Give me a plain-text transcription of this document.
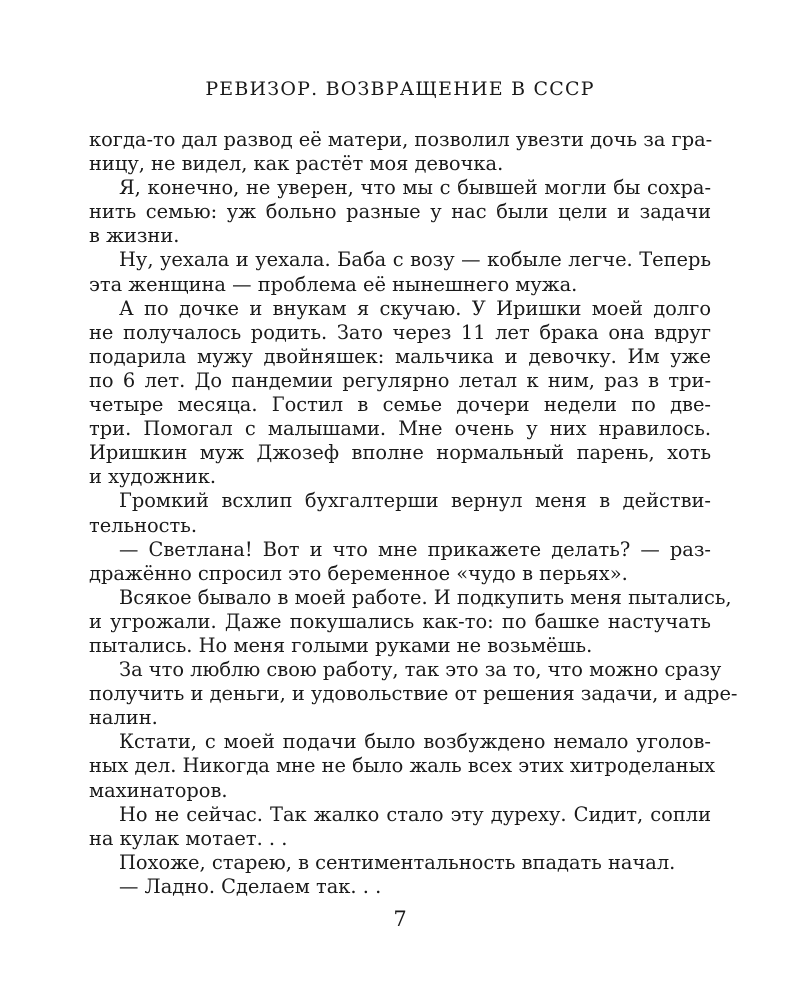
РЕВИЗОР. ВОЗВРАЩЕНИЕ В СССР
когда-то дал развод её матери, позволил увезти дочь за гра-
ницу, не видел, как растёт моя девочка.
Я, конечно, не уверен, что мы с бывшей могли бы сохра-
нить семью: уж больно разные у нас были цели и задачи
в жизни.
Ну, уехала и уехала. Баба с возу — кобыле легче. Теперь
эта женщина — проблема её нынешнего мужа.
А по дочке и внукам я скучаю. У Иришки моей долго
не получалось родить. Зато через 11 лет брака она вдруг
подарила мужу двойняшек: мальчика и девочку. Им уже
по 6 лет. До пандемии регулярно летал к ним, раз в три-
четыре месяца. Гостил в семье дочери недели по две-
три. Помогал с малышами. Мне очень у них нравилось.
Иришкин муж Джозеф вполне нормальный парень, хоть
и художник.
Громкий всхлип бухгалтерши вернул меня в действи-
тельность.
— Светлана! Вот и что мне прикажете делать? — раз-
дражённо спросил это беременное «чудо в перьях».
Всякое бывало в моей работе. И подкупить меня пытались,
и угрожали. Даже покушались как-то: по башке настучать
пытались. Но меня голыми руками не возьмёшь.
За что люблю свою работу, так это за то, что можно сразу
получить и деньги, и удовольствие от решения задачи, и адре-
налин.
Кстати, с моей подачи было возбуждено немало уголов-
ных дел. Никогда мне не было жаль всех этих хитроделаных
махинаторов.
Но не сейчас. Так жалко стало эту дуреху. Сидит, сопли
на кулак мотает. . .
Похоже, старею, в сентиментальность впадать начал.
— Ладно. Сделаем так. . .
7
